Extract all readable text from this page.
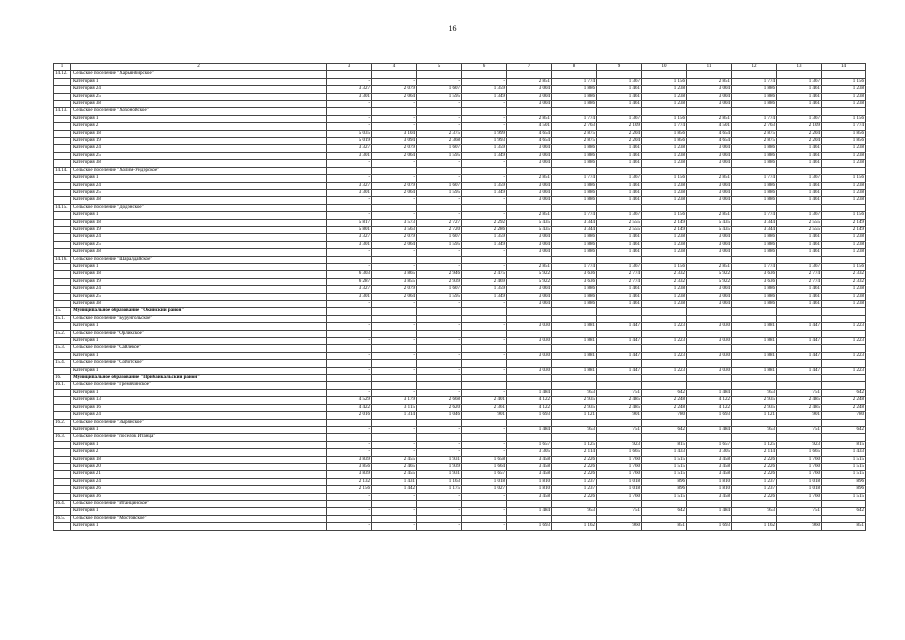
16
1	2	3	4	5	6	7	8	9	10	11	12	13	14
14.12.	Сельское поселение "Харьянбирское"												
	Категория 1	-	-	-	-	2 851	1 774	1 367	1 156	2 851	1 774	1 367	1 156
	Категория 24	3 327	2 079	1 607	1 359	3 004	1 886	1 461	1 238	3 004	1 886	1 461	1 238
	Категория 25	3 301	2 064	1 595	1 349	3 004	1 886	1 461	1 238	3 004	1 886	1 461	1 238
	Категория 38	-	-	-	-	3 004	1 886	1 461	1 238	3 004	1 886	1 461	1 238
14.13.	Сельское поселение "Хохонойское"												
	Категория 1	-	-	-	-	2 851	1 774	1 367	1 156	2 851	1 774	1 367	1 156
	Категория 2	-	-	-	-	4 501	2 763	2 109	1 774	4 501	2 763	2 109	1 774
	Категория 18	5 035	3 104	2 375	1 999	4 654	2 875	2 204	1 856	4 654	2 875	2 204	1 856
	Категория 19	5 019	3 094	2 368	1 993	4 654	2 875	2 204	1 856	4 654	2 875	2 204	1 856
	Категория 24	3 327	2 079	1 607	1 359	3 004	1 886	1 461	1 238	3 004	1 886	1 461	1 238
	Категория 25	3 301	2 064	1 595	1 349	3 004	1 886	1 461	1 238	3 004	1 886	1 461	1 238
	Категория 38	-	-	-	-	3 004	1 886	1 461	1 238	3 004	1 886	1 461	1 238
14.14.	Сельское поселение "Холим-Ундэрское"												
	Категория 1	-	-	-	-	2 851	1 774	1 367	1 156	2 851	1 774	1 367	1 156
	Категория 24	3 327	2 079	1 607	1 359	3 004	1 886	1 461	1 238	3 004	1 886	1 461	1 238
	Категория 25	3 301	2 064	1 595	1 349	3 004	1 886	1 461	1 238	3 004	1 886	1 461	1 238
	Категория 38	-	-	-	-	3 004	1 886	1 461	1 238	3 004	1 886	1 461	1 238
14.15.	Сельское поселение "Додэнское"												
	Категория 1	-	-	-	-	2 851	1 774	1 367	1 156	2 851	1 774	1 367	1 156
	Категория 18	5 817	3 573	2 727	2 292	5 435	3 344	2 555	2 149	5 435	3 344	2 555	2 149
	Категория 19	5 801	3 563	2 720	2 286	5 435	3 344	2 555	2 149	5 435	3 344	2 555	2 149
	Категория 24	3 327	2 079	1 607	1 359	3 004	1 886	1 461	1 238	3 004	1 886	1 461	1 238
	Категория 25	3 301	2 064	1 595	1 349	3 004	1 886	1 461	1 238	3 004	1 886	1 461	1 238
	Категория 38	-	-	-	-	3 004	1 886	1 461	1 238	3 004	1 886	1 461	1 238
14.16.	Сельское поселение "Шаралдайское"												
	Категория 1	-	-	-	-	2 851	1 774	1 367	1 156	2 851	1 774	1 367	1 156
	Категория 18	6 303	3 865	2 946	2 475	5 922	3 636	2 774	2 332	5 922	3 636	2 774	2 332
	Категория 19	6 287	3 855	2 939	2 469	5 922	3 636	2 774	2 332	5 922	3 636	2 774	2 332
	Категория 24	3 327	2 079	1 607	1 359	3 004	1 886	1 461	1 238	3 004	1 886	1 461	1 238
	Категория 25	3 301	2 064	1 595	1 349	3 004	1 886	1 461	1 238	3 004	1 886	1 461	1 238
	Категория 38	-	-	-	-	3 004	1 886	1 461	1 238	3 004	1 886	1 461	1 238
15.	Муниципальное образование "Окинский район"												
15.1.	Сельское поселение "Бурунгольское"												
	Категория 1	-	-	-	-	3 030	1 881	1 447	1 223	3 030	1 881	1 447	1 223
15.2.	Сельское поселение "Орликское"												
	Категория 1	-	-	-	-	3 030	1 881	1 447	1 223	3 030	1 881	1 447	1 223
15.3.	Сельское поселение "Сайлекое"												
	Категория 1	-	-	-	-	3 030	1 881	1 447	1 223	3 030	1 881	1 447	1 223
15.4.	Сельское поселение "Сойотское"												
	Категория 1	-	-	-	-	3 030	1 881	1 447	1 223	3 030	1 881	1 447	1 223
16.	Муниципальное образование "Прибайкальский район"												
16.1.	Сельское поселение "Гремячинское"												
	Категория 1	-	-	-	-	1 484	953	751	642	1 484	953	751	642
	Категория 13	4 529	3 179	2 668	2 401	4 122	2 935	2 485	2 248	4 122	2 935	2 485	2 248
	Категория 16	4 422	3 115	2 620	2 361	4 122	2 935	2 485	2 248	4 122	2 935	2 485	2 248
	Категория 24	2 016	1 314	1 046	901	1 693	1 121	901	780	1 693	1 121	901	780
16.2.	Сельское поселение "Зырянское"												
	Категория 1	-	-	-	-	1 484	953	751	642	1 484	953	751	642
16.3.	Сельское поселение "поселок Итанца"												
	Категория 1	-	-	-	-	1 657	1 125	923	815	1 657	1 125	923	815
	Категория 2	-	-	-	-	3 305	2 114	1 665	1 433	3 305	2 114	1 665	1 433
	Категория 18	3 839	2 455	1 931	1 658	3 458	2 226	1 760	1 515	3 458	2 226	1 760	1 515
	Категория 20	3 856	2 465	1 939	1 664	3 458	2 226	1 760	1 515	3 458	2 226	1 760	1 515
	Категория 21	3 839	2 455	1 931	1 657	3 458	2 226	1 760	1 515	3 458	2 226	1 760	1 515
	Категория 24	2 132	1 431	1 163	1 018	1 810	1 237	1 018	896	1 810	1 237	1 018	896
	Категория 26	2 156	1 442	1 175	1 027	1 810	1 237	1 018	896	1 810	1 237	1 018	896
	Категория 36	-	-	-	-	3 458	2 226	1 760	1 515	3 458	2 226	1 760	1 515
16.4.	Сельское поселение "Итанцинское"												
	Категория 1	-	-	-	-	1 484	953	751	642	1 484	953	751	642
16.5.	Сельское поселение "Мостовское"												
	Категория 1	-	-	-	-	1 693	1 162	960	851	1 693	1 162	960	851
